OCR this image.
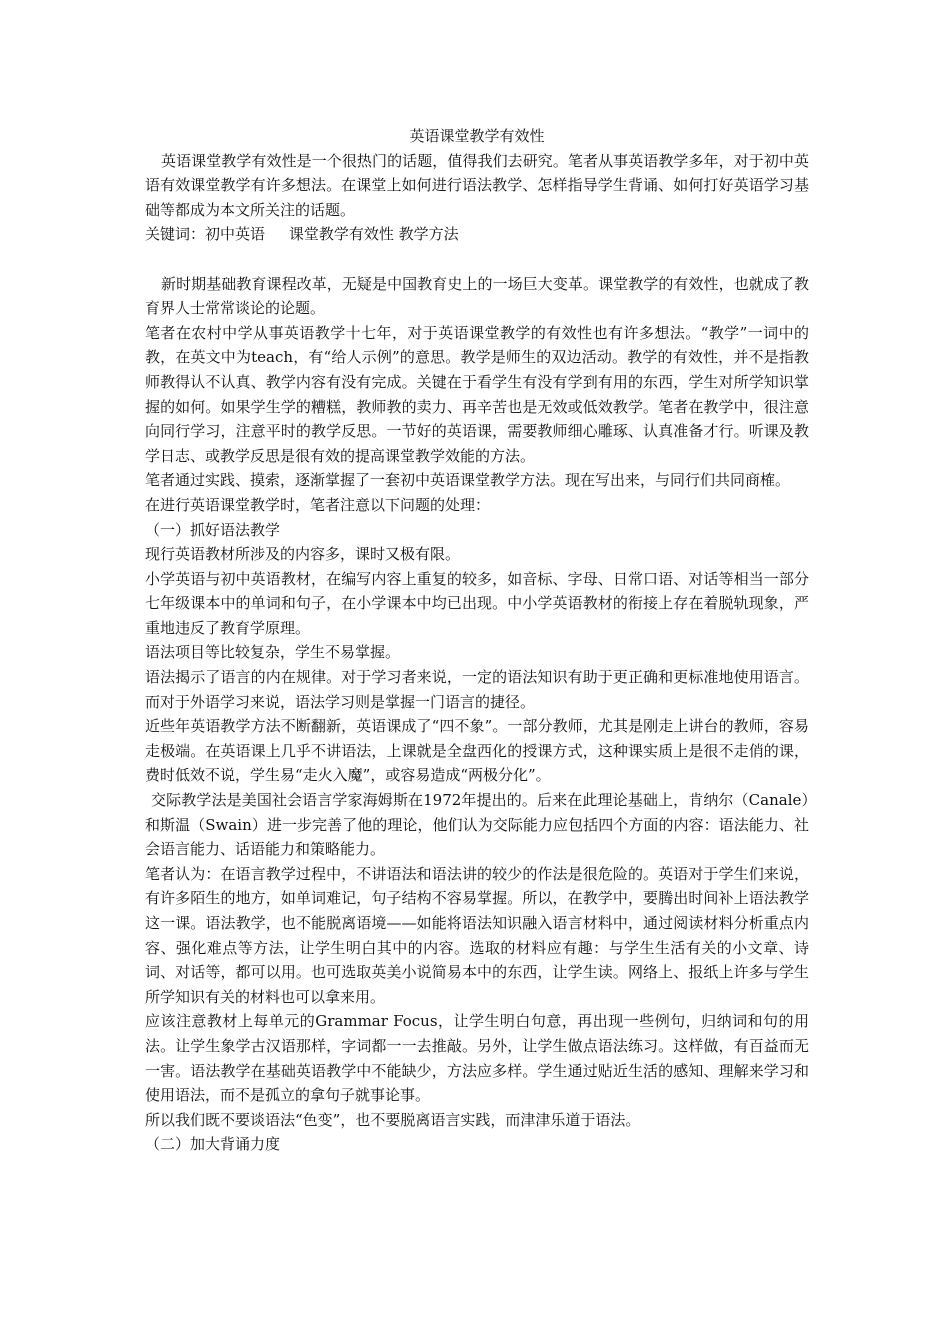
英语课堂教学有效性

英语课堂教学有效性是一个很热门的话题，值得我们去研究。笔者从事英语教学多年，对于初中英语有效课堂教学有许多想法。在课堂上如何进行语法教学、怎样指导学生背诵、如何打好英语学习基础等都成为本文所关注的话题。

关键词：初中英语 课堂教学有效性 教学方法

新时期基础教育课程改革，无疑是中国教育史上的一场巨大变革。课堂教学的有效性，也就成了教育界人士常常谈论的论题。

笔者在农村中学从事英语教学十七年，对于英语课堂教学的有效性也有许多想法。“教学”一词中的教，在英文中为teach，有“给人示例”的意思。教学是师生的双边活动。教学的有效性，并不是指教师教得认不认真、教学内容有没有完成。关键在于看学生有没有学到有用的东西，学生对所学知识掌握的如何。如果学生学的糟糕，教师教的卖力、再辛苦也是无效或低效教学。笔者在教学中，很注意向同行学习，注意平时的教学反思。一节好的英语课，需要教师细心雕琢、认真准备才行。听课及教学日志、或教学反思是很有效的提高课堂教学效能的方法。

笔者通过实践、摸索，逐渐掌握了一套初中英语课堂教学方法。现在写出来，与同行们共同商榷。

在进行英语课堂教学时，笔者注意以下问题的处理：

（一）抓好语法教学

现行英语教材所涉及的内容多，课时又极有限。

小学英语与初中英语教材，在编写内容上重复的较多，如音标、字母、日常口语、对话等相当一部分七年级课本中的单词和句子，在小学课本中均已出现。中小学英语教材的衔接上存在着脱轨现象，严重地违反了教育学原理。

语法项目等比较复杂，学生不易掌握。

语法揭示了语言的内在规律。对于学习者来说，一定的语法知识有助于更正确和更标准地使用语言。而对于外语学习来说，语法学习则是掌握一门语言的捷径。

近些年英语教学方法不断翻新，英语课成了“四不象”。一部分教师，尤其是刚走上讲台的教师，容易走极端。在英语课上几乎不讲语法，上课就是全盘西化的授课方式，这种课实质上是很不走俏的课，费时低效不说，学生易“走火入魔”，或容易造成“两极分化”。

交际教学法是美国社会语言学家海姆斯在1972年提出的。后来在此理论基础上，肯纳尔（Canale）和斯温（Swain）进一步完善了他的理论，他们认为交际能力应包括四个方面的内容：语法能力、社会语言能力、话语能力和策略能力。

笔者认为：在语言教学过程中，不讲语法和语法讲的较少的作法是很危险的。英语对于学生们来说，有许多陌生的地方，如单词难记，句子结构不容易掌握。所以，在教学中，要腾出时间补上语法教学这一课。语法教学，也不能脱离语境——如能将语法知识融入语言材料中，通过阅读材料分析重点内容、强化难点等方法，让学生明白其中的内容。选取的材料应有趣：与学生生活有关的小文章、诗词、对话等，都可以用。也可选取英美小说简易本中的东西，让学生读。网络上、报纸上许多与学生所学知识有关的材料也可以拿来用。

应该注意教材上每单元的Grammar Focus，让学生明白句意，再出现一些例句，归纳词和句的用法。让学生象学古汉语那样，字词都一一去推敲。另外，让学生做点语法练习。这样做，有百益而无一害。语法教学在基础英语教学中不能缺少，方法应多样。学生通过贴近生活的感知、理解来学习和使用语法，而不是孤立的拿句子就事论事。

所以我们既不要谈语法“色变”，也不要脱离语言实践，而津津乐道于语法。

（二）加大背诵力度
